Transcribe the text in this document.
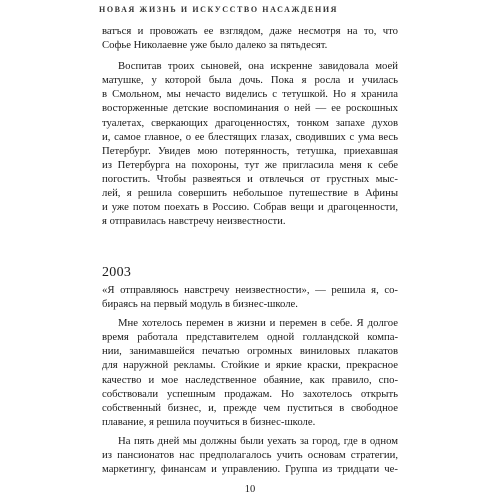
НОВАЯ ЖИЗНЬ И ИСКУССТВО НАСАЖДЕНИЯ
ватъся и провожать ее взглядом, даже несмотря на то, что
Софье Николаевне уже было далеко за пятьдесят.
Воспитав троих сыновей, она искренне завидовала моей
матушке, у которой была дочь. Пока я росла и училась
в Смольном, мы нечасто виделись с тетушкой. Но я хранила
восторженные детские воспоминания о ней — ее роскошных
туалетах, сверкающих драгоценностях, тонком запахе духов
и, самое главное, о ее блестящих глазах, сводивших с ума весь
Петербург. Увидев мою потерянность, тетушка, приехавшая
из Петербурга на похороны, тут же пригласила меня к себе
погостить. Чтобы развеяться и отвлечься от грустных мыс-
лей, я решила совершить небольшое путешествие в Афины
и уже потом поехать в Россию. Собрав вещи и драгоценности,
я отправилась навстречу неизвестности.
2003
«Я отправляюсь навстречу неизвестности», — решила я, со-
бираясь на первый модуль в бизнес-школе.
Мне хотелось перемен в жизни и перемен в себе. Я долгое
время работала представителем одной голландской компа-
нии, занимавшейся печатью огромных виниловых плакатов
для наружной рекламы. Стойкие и яркие краски, прекрасное
качество и мое наследственное обаяние, как правило, спо-
собствовали успешным продажам. Но захотелось открыть
собственный бизнес, и, прежде чем пуститься в свободное
плавание, я решила поучиться в бизнес-школе.
На пять дней мы должны были уехать за город, где в одном
из пансионатов нас предполагалось учить основам стратегии,
маркетингу, финансам и управлению. Группа из тридцати че-
10
